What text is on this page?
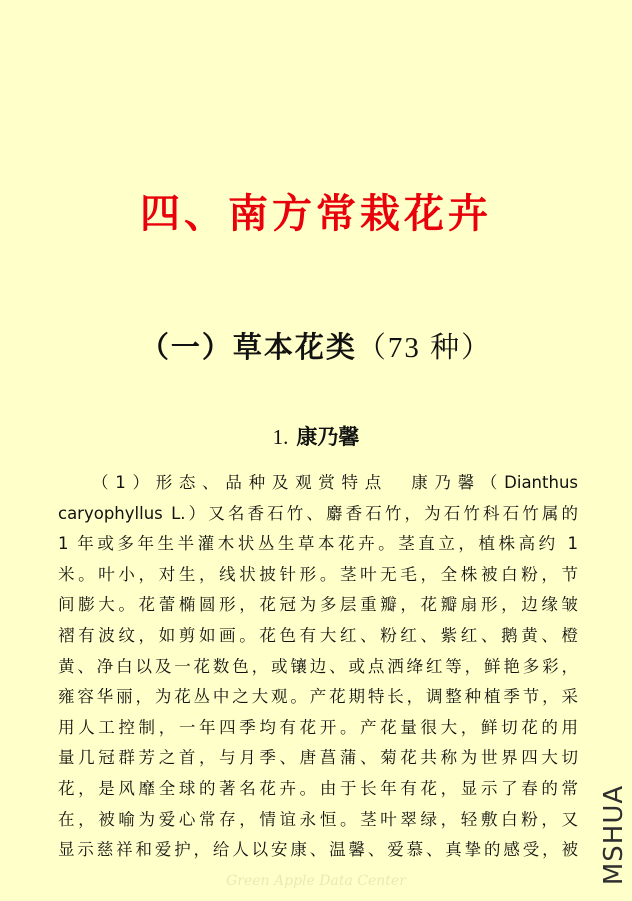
四、南方常栽花卉
（一）草本花类（73 种）
1. 康乃馨
（1）形态、品种及观赏特点　康乃馨（Dianthus
caryophyllus L.）又名香石竹、麝香石竹，为石竹科石竹属的
1 年或多年生半灌木状丛生草本花卉。茎直立，植株高约 1
米。叶小，对生，线状披针形。茎叶无毛，全株被白粉，节
间膨大。花蕾椭圆形，花冠为多层重瓣，花瓣扇形，边缘皱
褶有波纹，如剪如画。花色有大红、粉红、紫红、鹅黄、橙
黄、净白以及一花数色，或镶边、或点洒绛红等，鲜艳多彩，
雍容华丽，为花丛中之大观。产花期特长，调整种植季节，采
用人工控制，一年四季均有花开。产花量很大，鲜切花的用
量几冠群芳之首，与月季、唐菖蒲、菊花共称为世界四大切
花，是风靡全球的著名花卉。由于长年有花，显示了春的常
在，被喻为爱心常存，情谊永恒。茎叶翠绿，轻敷白粉，又
显示慈祥和爱护，给人以安康、温馨、爱慕、真挚的感受，被 MSHUA
Green Apple Data Center
